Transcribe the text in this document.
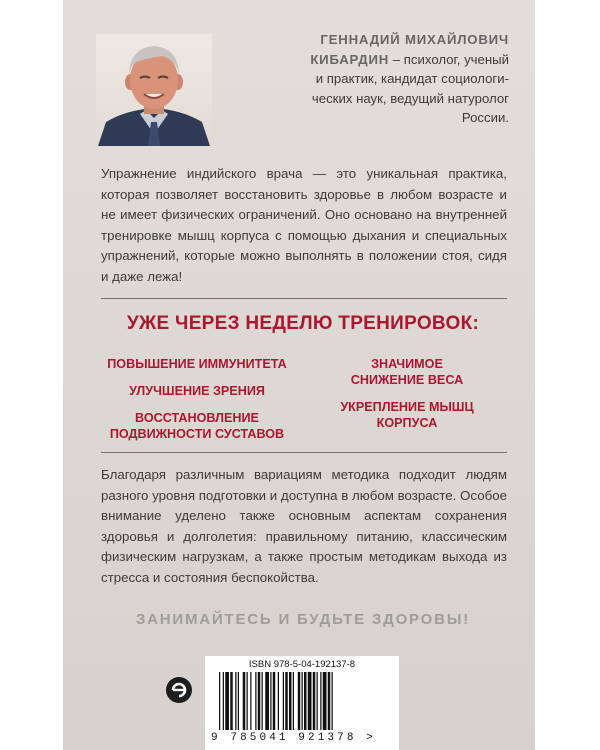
ГЕННАДИЙ МИХАЙЛОВИЧ
КИБАРДИН – психолог, ученый
и практик, кандидат социологи-
ческих наук, ведущий натуролог
России.

Упражнение индийского врача — это уникальная практика, которая позволяет восстановить здоровье в любом возрасте и не имеет физических ограничений. Оно основано на внутренней тренировке мышц корпуса с помощью дыхания и специальных упражнений, которые можно выполнять в положении стоя, сидя и даже лежа!

УЖЕ ЧЕРЕЗ НЕДЕЛЮ ТРЕНИРОВОК:
ПОВЫШЕНИЕ ИММУНИТЕТА
УЛУЧШЕНИЕ ЗРЕНИЯ
ВОССТАНОВЛЕНИЕ
ПОДВИЖНОСТИ СУСТАВОВ
ЗНАЧИМОЕ
СНИЖЕНИЕ ВЕСА
УКРЕПЛЕНИЕ МЫШЦ
КОРПУСА

Благодаря различным вариациям методика подходит людям разного уровня подготовки и доступна в любом возрасте. Особое внимание уделено также основным аспектам сохранения здоровья и долголетия: правильному питанию, классическим физическим нагрузкам, а также простым методикам выхода из стресса и состояния беспокойства.

ЗАНИМАЙТЕСЬ И БУДЬТЕ ЗДОРОВЫ!
ISBN 978-5-04-192137-8
9 785041 921378 >
